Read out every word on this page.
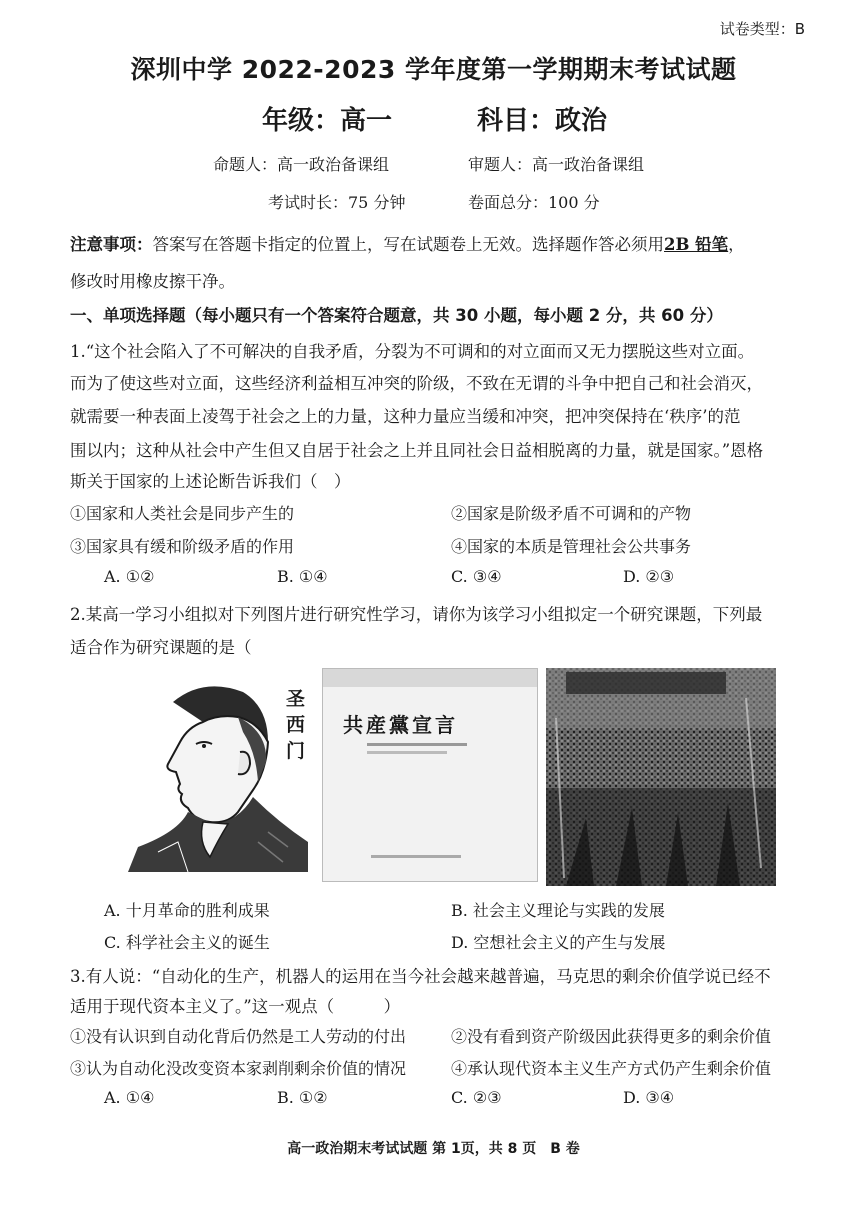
试卷类型：B
深圳中学 2022-2023 学年度第一学期期末考试试题
年级：高一	科目：政治
命题人：高一政治备课组	审题人：高一政治备课组
考试时长：75 分钟	卷面总分：100 分
注意事项：答案写在答题卡指定的位置上，写在试题卷上无效。选择题作答必须用2B 铅笔，
修改时用橡皮擦干净。
一、单项选择题（每小题只有一个答案符合题意，共 30 小题，每小题 2 分，共 60 分）
1.“这个社会陷入了不可解决的自我矛盾，分裂为不可调和的对立面而又无力摆脱这些对立面。
而为了使这些对立面，这些经济利益相互冲突的阶级，不致在无谓的斗争中把自己和社会消灭，
就需要一种表面上凌驾于社会之上的力量，这种力量应当缓和冲突，把冲突保持在‘秩序’的范
围以内；这种从社会中产生但又自居于社会之上并且同社会日益相脱离的力量，就是国家。”恩格
斯关于国家的上述论断告诉我们（　）
①国家和人类社会是同步产生的	②国家是阶级矛盾不可调和的产物
③国家具有缓和阶级矛盾的作用	④国家的本质是管理社会公共事务
A. ①②	B. ①④	C. ③④	D. ②③
2.某高一学习小组拟对下列图片进行研究性学习，请你为该学习小组拟定一个研究课题，下列最
适合作为研究课题的是（
圣西门
共産黨宣言
A. 十月革命的胜利成果	B. 社会主义理论与实践的发展
C. 科学社会主义的诞生	D. 空想社会主义的产生与发展
3.有人说：“自动化的生产，机器人的运用在当今社会越来越普遍，马克思的剩余价值学说已经不
适用于现代资本主义了。”这一观点（　　　）
①没有认识到自动化背后仍然是工人劳动的付出	②没有看到资产阶级因此获得更多的剩余价值
③认为自动化没改变资本家剥削剩余价值的情况	④承认现代资本主义生产方式仍产生剩余价值
A. ①④	B. ①②	C. ②③	D. ③④
高一政治期末考试试题 第 1页，共 8 页　B 卷
